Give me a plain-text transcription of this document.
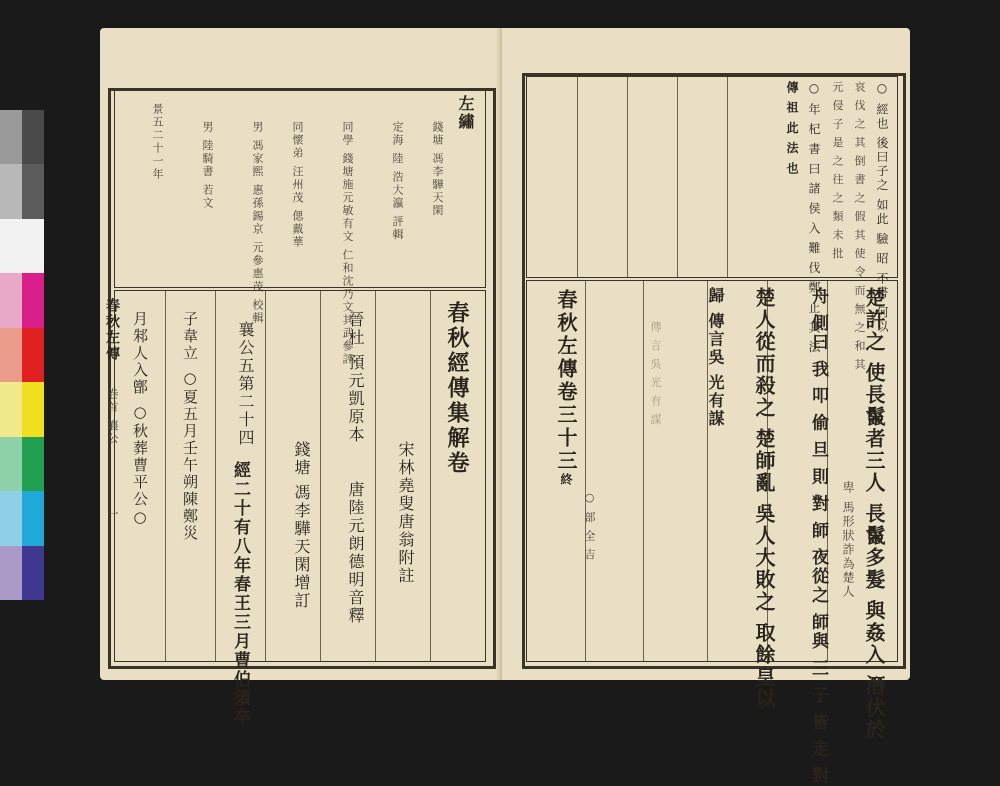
左繡
錢塘 馮李驊天閑
定海 陸 浩大瀛 評輯
同學 錢塘施元敏有文 仁和沈乃文其武參評
同懷弟 汪州茂 偲戴華
男 馮家熙 惠孫錫京 元參惠茂 校輯
男 陸騎書 若文
景五二十一年
春秋經傳集解卷
宋林堯叟唐翁附註
晉杜 預元凱原本
唐陸元朗德明音釋
錢塘 馮李驊天閑增訂
襄公五第二十四
經二十有八年春王三月曹伯須卒
子韋立 ○夏五月壬午朔陳鄭災
月邾人入鄫 ○秋葬曹平公○
春秋左傳
卷首 襄公
一
○ 經也 後曰子之 如此 驗 昭 不書 何以
哀 伐 之 其 倒 書 之 假 其 使 令 而 無 之 和 其
元 侵 子 是 之 往 之 類 未 批
○ 年 杞 書 曰 諸 侯 入 難 伐 鄭 止 其 法
傳 祖 此 法 也
楚許之 使長鬣者三人 長鬣多髮 與姦入 潛伏於
卑 馬形狀詐為楚人
舟 側曰 我 叩 偷 旦 則 對 師 夜從之 師與 三 子 皆 走 對
楚人從而殺之 楚師亂 吳人大敗之 取餘皇以
歸 傳言吳 光有謀
傳 言 吳 光 有 謀
春秋左傳卷三十三終
○ 部 全 吉
